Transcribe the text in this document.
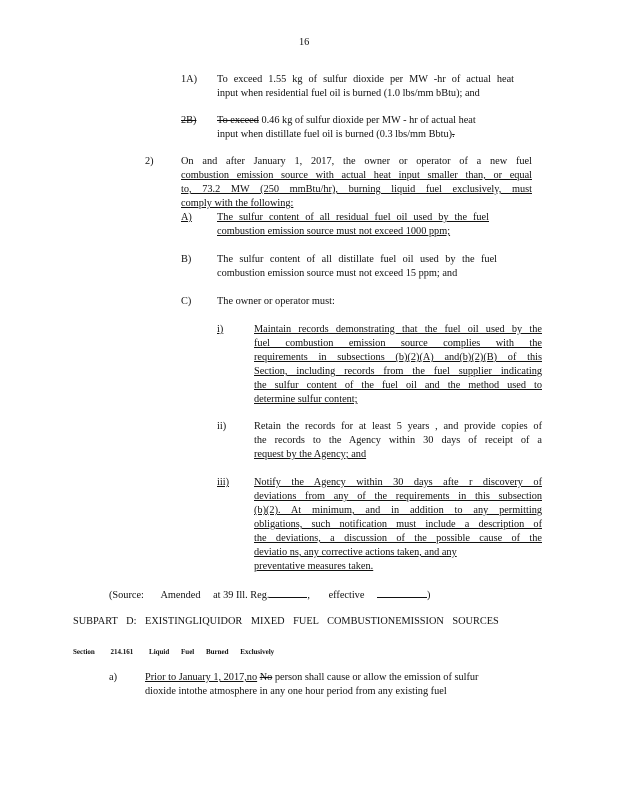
16
1A) To exceed 1.55 kg of sulfur dioxide per MW -hr of actual heat
input when residential fuel oil is burned (1.0 lbs/mm bBtu); and
2B) To exceed 0.46 kg of sulfur dioxide per MW - hr of actual heat
input when distillate fuel oil is burned (0.3 lbs/mm Bbtu).
2)	On and after January 1, 2017, the owner or operator of a new fuel
combustion emission source with actual heat input smaller than, or equal
to, 73.2 MW (250 mmBtu/hr), burning liquid fuel exclusively, must
comply with the following:
A) The sulfur content of all residual fuel oil used by the fuel
combustion emission source must not exceed 1000 ppm;
B) The sulfur content of all distillate fuel oil used by the fuel
combustion emission source must not exceed 15 ppm; and
C) The owner or operator must:
i)	Maintain records demonstrating that the fuel oil used by the
fuel combustion emission source complies with the
requirements in subsections (b)(2)(A) and(b)(2)(B) of this
Section, including records from the fuel supplier indicating
the sulfur content of the fuel oil and the method used to
determine sulfur content;
ii)	Retain the records for at least 5 years , and provide copies of
the records to the Agency within 30 days of receipt of a
request by the Agency; and
iii) Notify the Agency within 30 days afte r discovery of
deviations from any of the requirements in this subsection
(b)(2). At minimum, and in addition to any permitting
obligations, such notification must include a description of
the deviations, a discussion of the possible cause of the
deviatio ns, any corrective actions taken, and any
preventative measures taken.
(Source: Amended at 39 Ill. Reg.	, effective	)
SUBPART D: EXISTINGLIQUIDOR MIXED FUEL COMBUSTIONEMISSION SOURCES
Section 214.161 Liquid Fuel Burned Exclusively
a)	Prior to January 1, 2017,no No person shall cause or allow the emission of sulfur
dioxide intothe atmosphere in any one hour period from any existing fuel
